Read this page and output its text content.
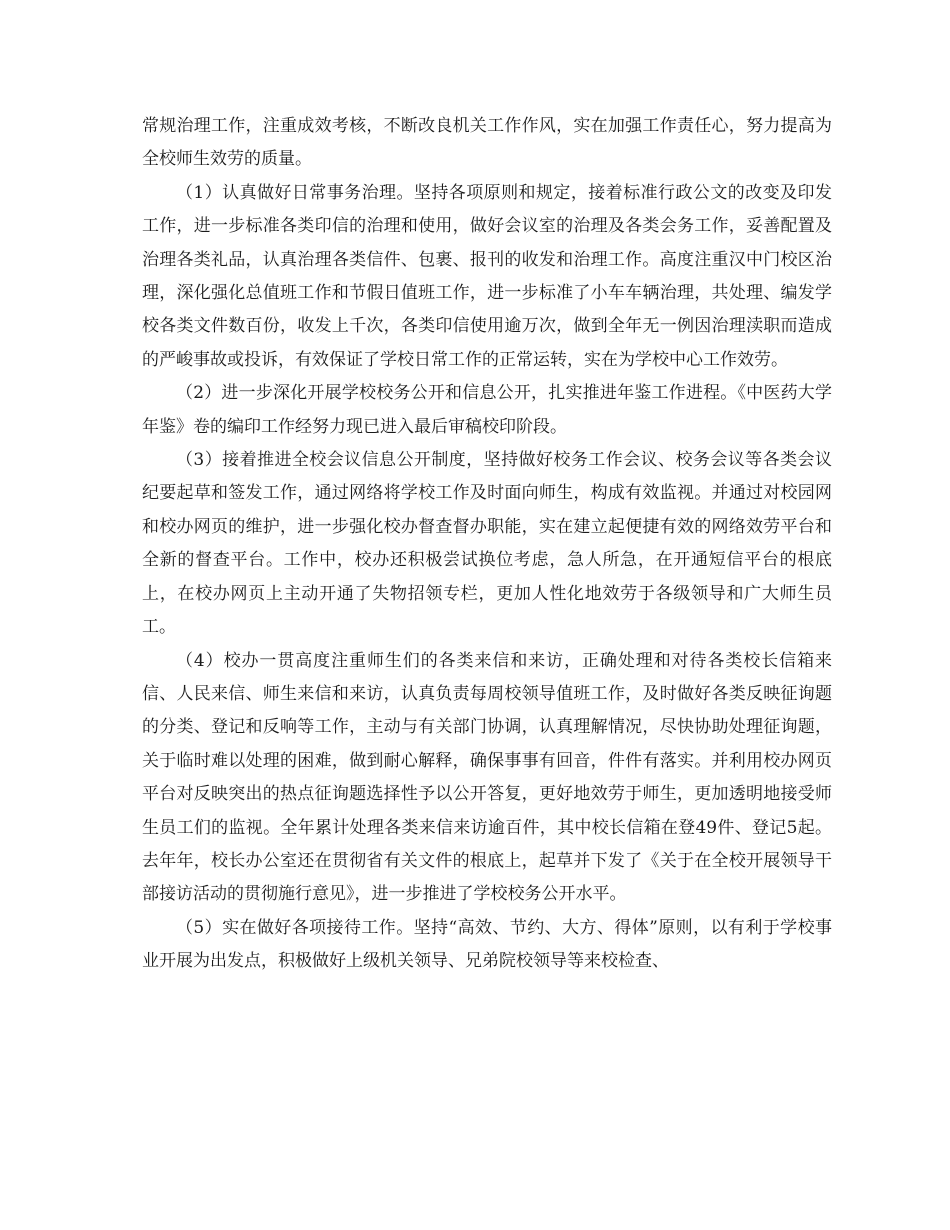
常规治理工作，注重成效考核，不断改良机关工作作风，实在加强工作责任心，努力提高为全校师生效劳的质量。

（1）认真做好日常事务治理。坚持各项原则和规定，接着标准行政公文的改变及印发工作，进一步标准各类印信的治理和使用，做好会议室的治理及各类会务工作，妥善配置及治理各类礼品，认真治理各类信件、包裹、报刊的收发和治理工作。高度注重汉中门校区治理，深化强化总值班工作和节假日值班工作，进一步标准了小车车辆治理，共处理、编发学校各类文件数百份，收发上千次，各类印信使用逾万次，做到全年无一例因治理渎职而造成的严峻事故或投诉，有效保证了学校日常工作的正常运转，实在为学校中心工作效劳。

（2）进一步深化开展学校校务公开和信息公开，扎实推进年鉴工作进程。《中医药大学年鉴》卷的编印工作经努力现已进入最后审稿校印阶段。

（3）接着推进全校会议信息公开制度，坚持做好校务工作会议、校务会议等各类会议纪要起草和签发工作，通过网络将学校工作及时面向师生，构成有效监视。并通过对校园网和校办网页的维护，进一步强化校办督查督办职能，实在建立起便捷有效的网络效劳平台和全新的督查平台。工作中，校办还积极尝试换位考虑，急人所急，在开通短信平台的根底上，在校办网页上主动开通了失物招领专栏，更加人性化地效劳于各级领导和广大师生员工。

（4）校办一贯高度注重师生们的各类来信和来访，正确处理和对待各类校长信箱来信、人民来信、师生来信和来访，认真负责每周校领导值班工作，及时做好各类反映征询题的分类、登记和反响等工作，主动与有关部门协调，认真理解情况，尽快协助处理征询题，关于临时难以处理的困难，做到耐心解释，确保事事有回音，件件有落实。并利用校办网页平台对反映突出的热点征询题选择性予以公开答复，更好地效劳于师生，更加透明地接受师生员工们的监视。全年累计处理各类来信来访逾百件，其中校长信箱在登49件、登记5起。去年年，校长办公室还在贯彻省有关文件的根底上，起草并下发了《关于在全校开展领导干部接访活动的贯彻施行意见》，进一步推进了学校校务公开水平。

（5）实在做好各项接待工作。坚持“高效、节约、大方、得体”原则，以有利于学校事业开展为出发点，积极做好上级机关领导、兄弟院校领导等来校检查、
